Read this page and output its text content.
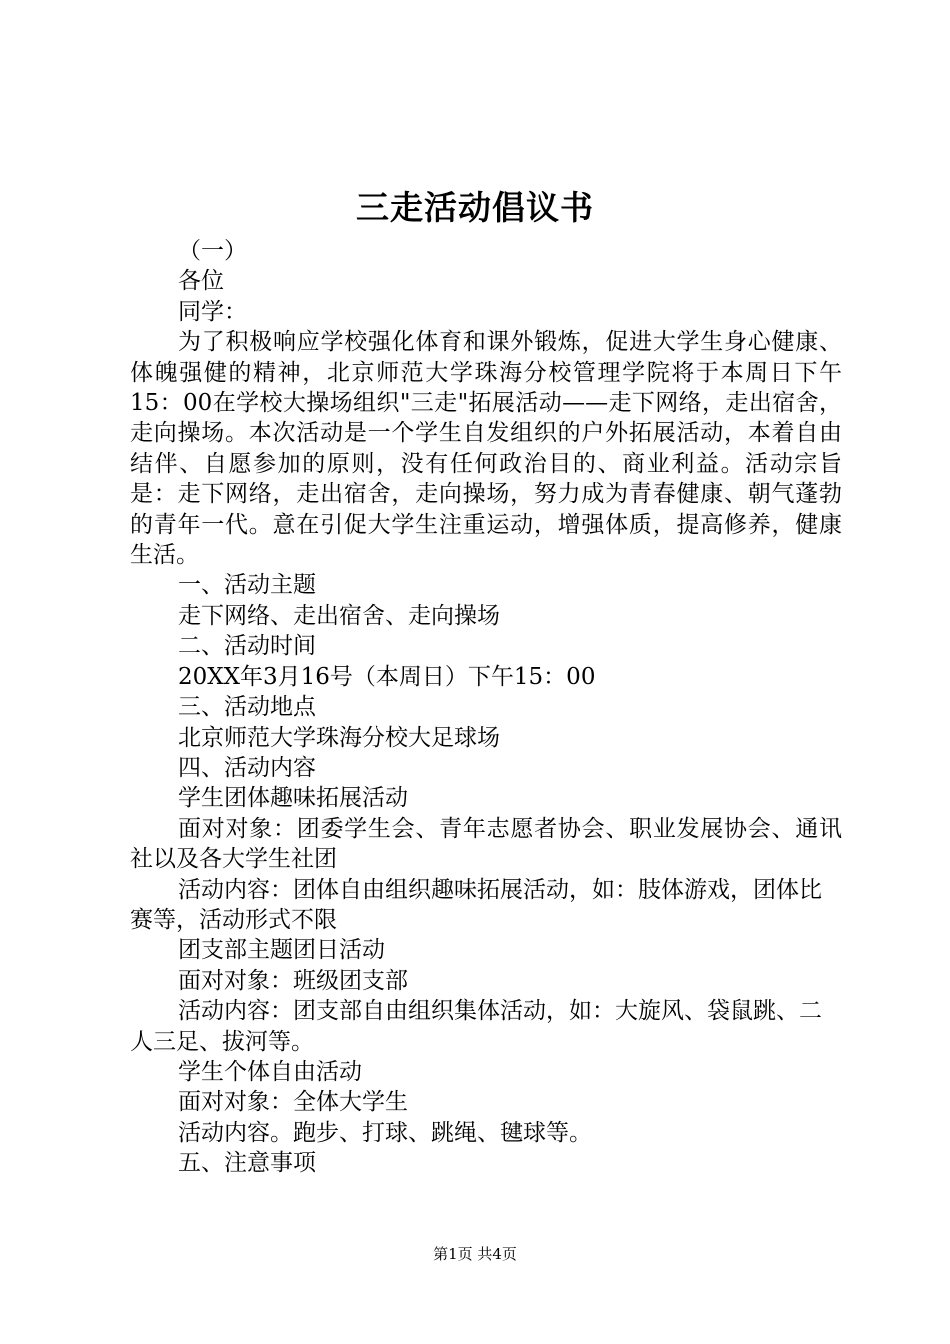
三走活动倡议书

（一）

各位

同学：

为了积极响应学校强化体育和课外锻炼，促进大学生身心健康、体魄强健的精神，北京师范大学珠海分校管理学院将于本周日下午15：00在学校大操场组织"三走"拓展活动——走下网络，走出宿舍，走向操场。本次活动是一个学生自发组织的户外拓展活动，本着自由结伴、自愿参加的原则，没有任何政治目的、商业利益。活动宗旨是：走下网络，走出宿舍，走向操场，努力成为青春健康、朝气蓬勃的青年一代。意在引促大学生注重运动，增强体质，提高修养，健康生活。

一、活动主题

走下网络、走出宿舍、走向操场

二、活动时间

20XX年3月16号（本周日）下午15：00

三、活动地点

北京师范大学珠海分校大足球场

四、活动内容

学生团体趣味拓展活动

面对对象：团委学生会、青年志愿者协会、职业发展协会、通讯社以及各大学生社团

活动内容：团体自由组织趣味拓展活动，如：肢体游戏，团体比赛等，活动形式不限

团支部主题团日活动

面对对象：班级团支部

活动内容：团支部自由组织集体活动，如：大旋风、袋鼠跳、二人三足、拔河等。

学生个体自由活动

面对对象：全体大学生

活动内容。跑步、打球、跳绳、毽球等。

五、注意事项

第1页 共4页
